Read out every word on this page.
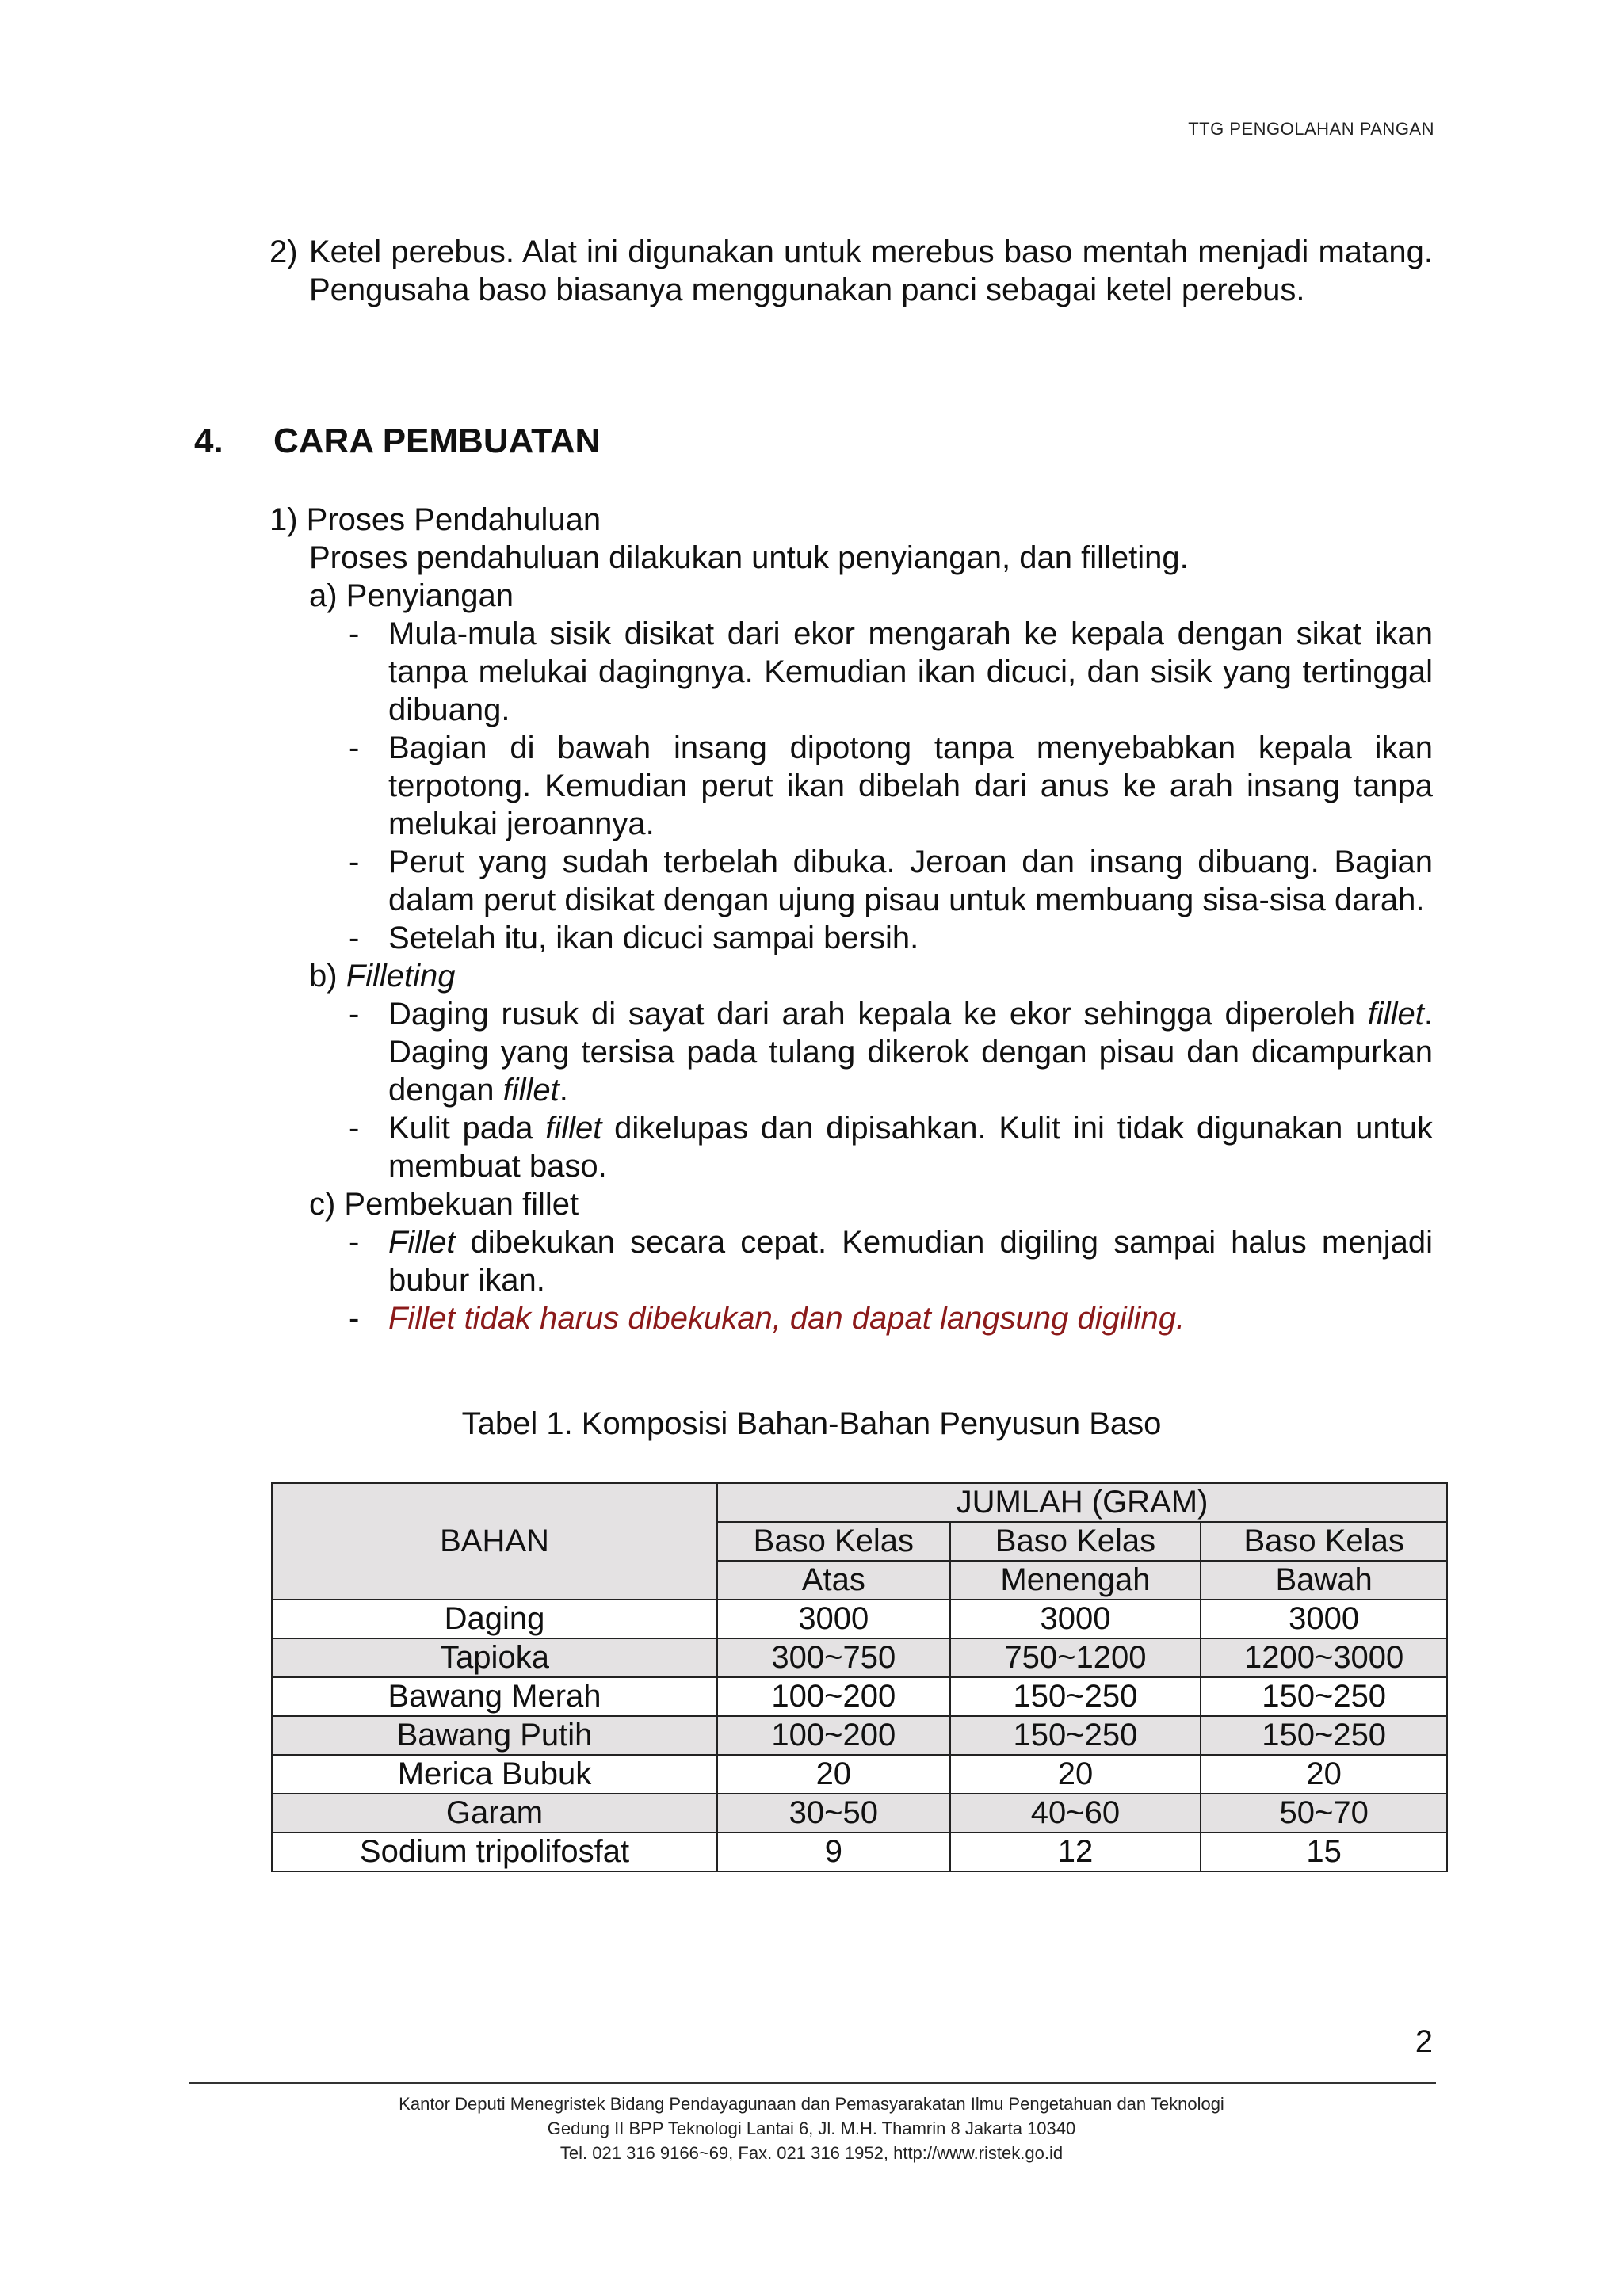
TTG PENGOLAHAN PANGAN
2) Ketel perebus. Alat ini digunakan untuk merebus baso mentah menjadi matang. Pengusaha baso biasanya menggunakan panci sebagai ketel perebus.
4. CARA PEMBUATAN
1) Proses Pendahuluan
Proses pendahuluan dilakukan untuk penyiangan, dan filleting.
a) Penyiangan
- Mula-mula sisik disikat dari ekor mengarah ke kepala dengan sikat ikan tanpa melukai dagingnya. Kemudian ikan dicuci, dan sisik yang tertinggal dibuang.
- Bagian di bawah insang dipotong tanpa menyebabkan kepala ikan terpotong. Kemudian perut ikan dibelah dari anus ke arah insang tanpa melukai jeroannya.
- Perut yang sudah terbelah dibuka. Jeroan dan insang dibuang. Bagian dalam perut disikat dengan ujung pisau untuk membuang sisa-sisa darah.
- Setelah itu, ikan dicuci sampai bersih.
b) Filleting
- Daging rusuk di sayat dari arah kepala ke ekor sehingga diperoleh fillet. Daging yang tersisa pada tulang dikerok dengan pisau dan dicampurkan dengan fillet.
- Kulit pada fillet dikelupas dan dipisahkan. Kulit ini tidak digunakan untuk membuat baso.
c) Pembekuan fillet
- Fillet dibekukan secara cepat. Kemudian digiling sampai halus menjadi bubur ikan.
- Fillet tidak harus dibekukan, dan dapat langsung digiling.
Tabel 1. Komposisi Bahan-Bahan Penyusun Baso
BAHAN	JUMLAH (GRAM)		
	Baso Kelas	Baso Kelas	Baso Kelas
	Atas	Menengah	Bawah
Daging	3000	3000	3000
Tapioka	300~750	750~1200	1200~3000
Bawang Merah	100~200	150~250	150~250
Bawang Putih	100~200	150~250	150~250
Merica Bubuk	20	20	20
Garam	30~50	40~60	50~70
Sodium tripolifosfat	9	12	15
2
Kantor Deputi Menegristek Bidang Pendayagunaan dan Pemasyarakatan Ilmu Pengetahuan dan Teknologi
Gedung II BPP Teknologi Lantai 6, Jl. M.H. Thamrin 8 Jakarta 10340
Tel. 021 316 9166~69, Fax. 021 316 1952, http://www.ristek.go.id
